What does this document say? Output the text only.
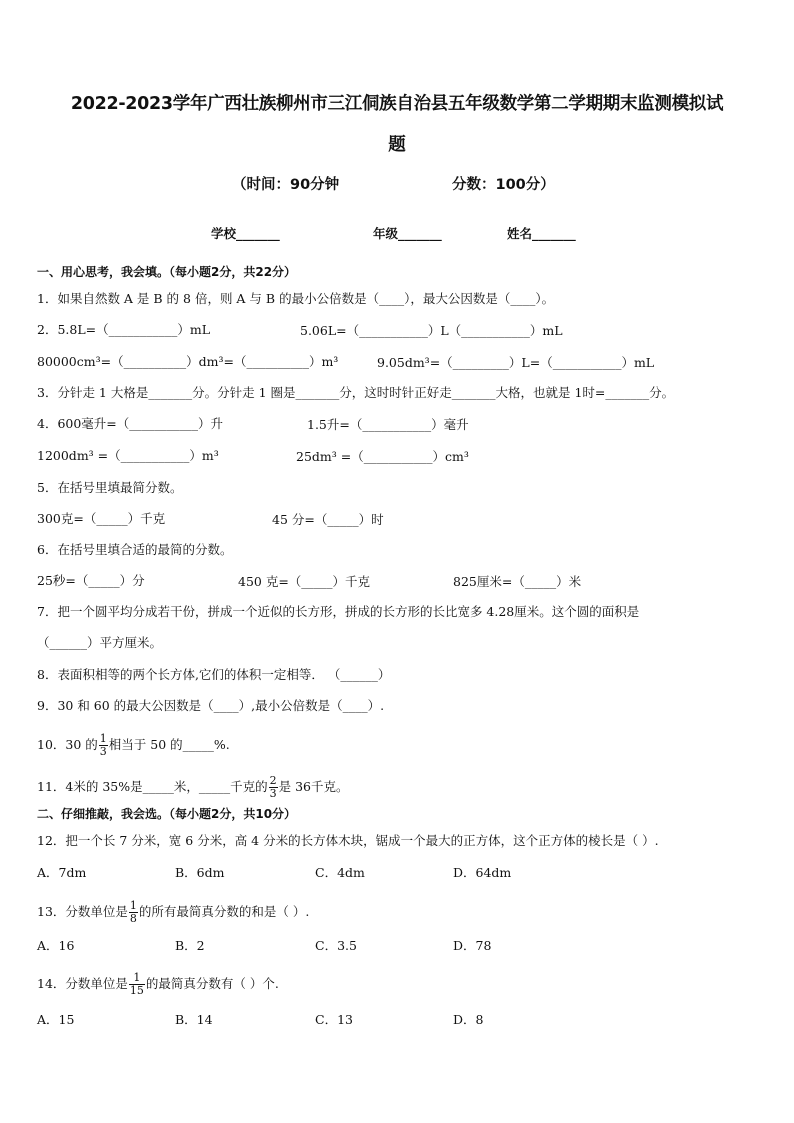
2022-2023学年广西壮族柳州市三江侗族自治县五年级数学第二学期期末监测模拟试
题
（时间：90分钟	分数：100分）
学校_______	年级_______	姓名_______
一、用心思考，我会填。（每小题2分，共22分）
1．如果自然数 A 是 B 的 8 倍，则 A 与 B 的最小公倍数是（____），最大公因数是（____）。
2．5.8L=（___________）mL	5.06L=（___________）L（___________）mL
80000cm³=（__________）dm³=（__________）m³	9.05dm³=（_________）L=（___________）mL
3．分针走 1 大格是_______分。分针走 1 圈是_______分，这时时针正好走_______大格，也就是 1时=_______分。
4．600毫升=（___________）升	1.5升=（___________）毫升
1200dm³ =（___________）m³	25dm³ =（___________）cm³
5．在括号里填最简分数。
300克=（_____）千克	45 分=（_____）时
6．在括号里填合适的最简的分数。
25秒=（_____）分	450 克=（_____）千克	825厘米=（_____）米
7．把一个圆平均分成若干份，拼成一个近似的长方形，拼成的长方形的长比宽多 4.28厘米。这个圆的面积是
（______）平方厘米。
8．表面积相等的两个长方体,它们的体积一定相等． （______）
9．30 和 60 的最大公因数是（____）,最小公倍数是（____）.
10．30 的 $\frac{1}{3}$ 相当于 50 的_____%.
11．4米的 35%是_____米，_____千克的 $\frac{2}{3}$ 是 36千克。
二、仔细推敲，我会选。（每小题2分，共10分）
12．把一个长 7 分米，宽 6 分米，高 4 分米的长方体木块，锯成一个最大的正方体，这个正方体的棱长是（ ）.
A．7dm	B．6dm	C．4dm	D．64dm
13．分数单位是 $\frac{1}{8}$ 的所有最简真分数的和是（ ）.
A．16	B．2	C．3.5	D．78
14．分数单位是 $\frac{1}{15}$ 的最简真分数有（ ）个.
A．15	B．14	C．13	D．8
